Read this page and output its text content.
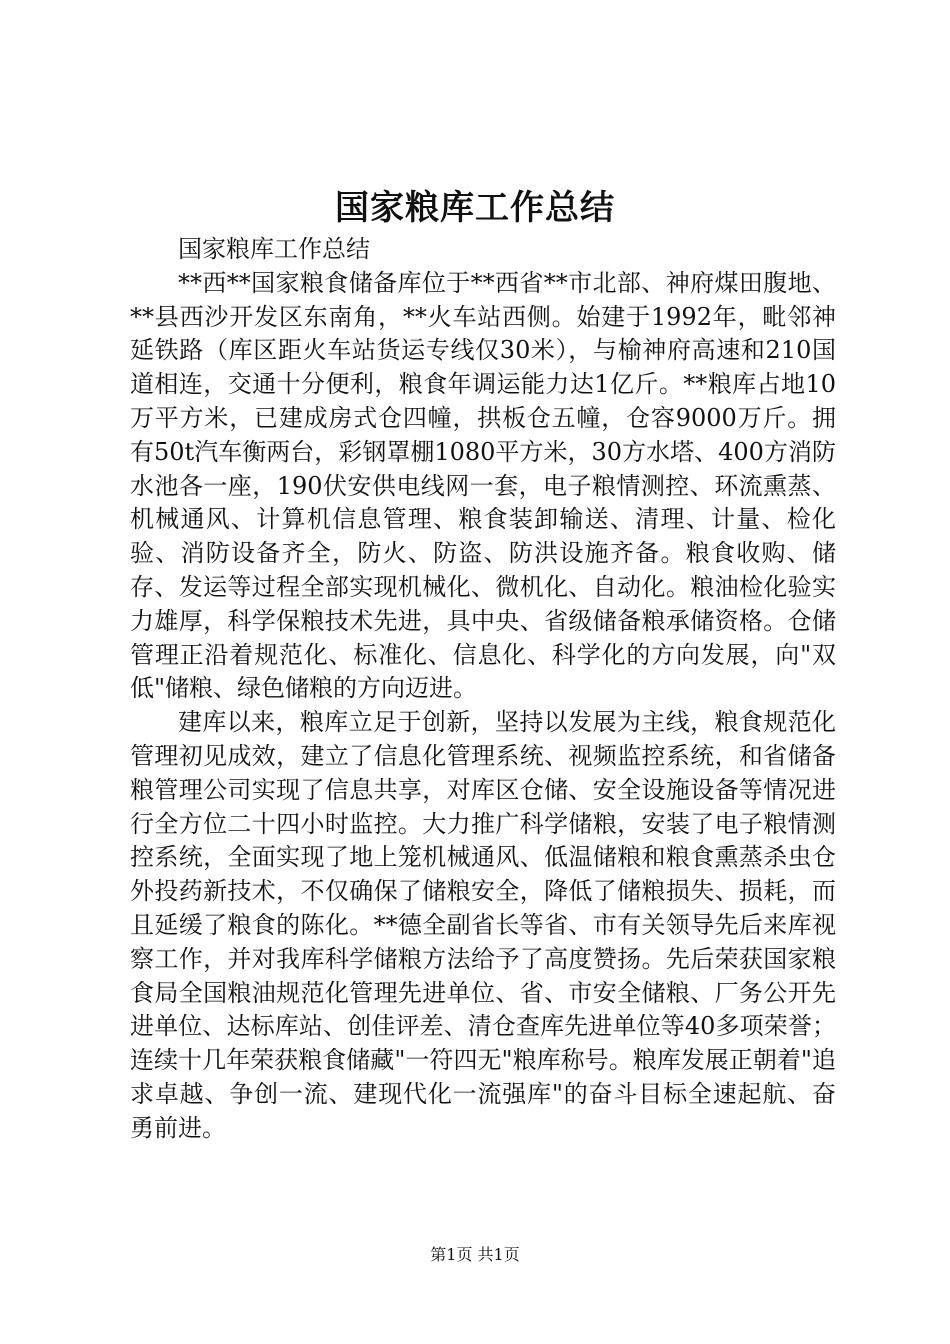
国家粮库工作总结

国家粮库工作总结

**西**国家粮食储备库位于**西省**市北部、神府煤田腹地、**县西沙开发区东南角，**火车站西侧。始建于1992年，毗邻神延铁路（库区距火车站货运专线仅30米），与榆神府高速和210国道相连，交通十分便利，粮食年调运能力达1亿斤。**粮库占地10万平方米，已建成房式仓四幢，拱板仓五幢，仓容9000万斤。拥有50t汽车衡两台，彩钢罩棚1080平方米，30方水塔、400方消防水池各一座，190伏安供电线网一套，电子粮情测控、环流熏蒸、机械通风、计算机信息管理、粮食装卸输送、清理、计量、检化验、消防设备齐全，防火、防盗、防洪设施齐备。粮食收购、储存、发运等过程全部实现机械化、微机化、自动化。粮油检化验实力雄厚，科学保粮技术先进，具中央、省级储备粮承储资格。仓储管理正沿着规范化、标准化、信息化、科学化的方向发展，向"双低"储粮、绿色储粮的方向迈进。

建库以来，粮库立足于创新，坚持以发展为主线，粮食规范化管理初见成效，建立了信息化管理系统、视频监控系统，和省储备粮管理公司实现了信息共享，对库区仓储、安全设施设备等情况进行全方位二十四小时监控。大力推广科学储粮，安装了电子粮情测控系统，全面实现了地上笼机械通风、低温储粮和粮食熏蒸杀虫仓外投药新技术，不仅确保了储粮安全，降低了储粮损失、损耗，而且延缓了粮食的陈化。**德全副省长等省、市有关领导先后来库视察工作，并对我库科学储粮方法给予了高度赞扬。先后荣获国家粮食局全国粮油规范化管理先进单位、省、市安全储粮、厂务公开先进单位、达标库站、创佳评差、清仓查库先进单位等40多项荣誉；连续十几年荣获粮食储藏"一符四无"粮库称号。粮库发展正朝着"追求卓越、争创一流、建现代化一流强库"的奋斗目标全速起航、奋勇前进。

第1页 共1页
